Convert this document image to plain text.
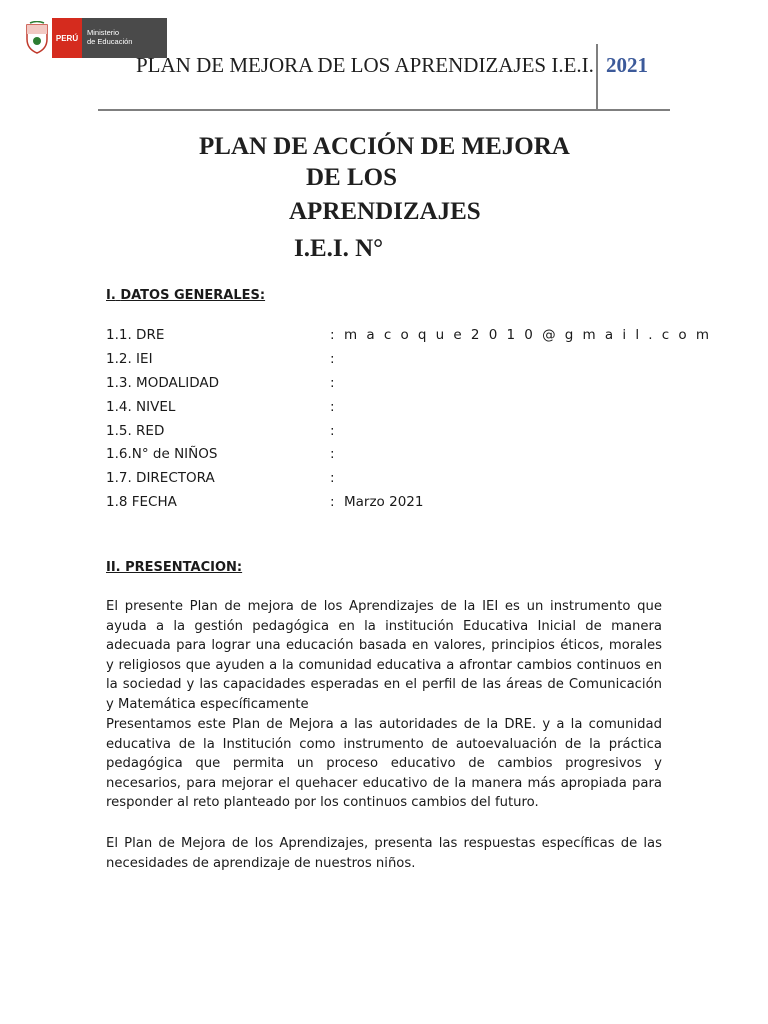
PERÚ
Ministerio
de Educación
PLAN DE MEJORA DE LOS APRENDIZAJES I.E.I. 2021
PLAN DE ACCIÓN DE MEJORA
DE LOS
APRENDIZAJES
I.E.I. N°
I. DATOS GENERALES:
1.1. DRE	: macoque2010@gmail.com
1.2. IEI	:
1.3. MODALIDAD	:
1.4. NIVEL	:
1.5. RED	:
1.6.N° de NIÑOS	:
1.7. DIRECTORA	:
1.8 FECHA	: Marzo 2021
II. PRESENTACION:

El presente Plan de mejora de los Aprendizajes de la IEI es un instrumento que ayuda a la gestión pedagógica en la institución Educativa Inicial de manera adecuada para lograr una educación basada en valores, principios éticos, morales y religiosos que ayuden a la comunidad educativa a afrontar cambios continuos en la sociedad y las capacidades esperadas en el perfil de las áreas de Comunicación y Matemática específicamente

Presentamos este Plan de Mejora a las autoridades de la DRE. y a la comunidad educativa de la Institución como instrumento de autoevaluación de la práctica pedagógica que permita un proceso educativo de cambios progresivos y necesarios, para mejorar el quehacer educativo de la manera más apropiada para responder al reto planteado por los continuos cambios del futuro.

El Plan de Mejora de los Aprendizajes, presenta las respuestas específicas de las necesidades de aprendizaje de nuestros niños.
